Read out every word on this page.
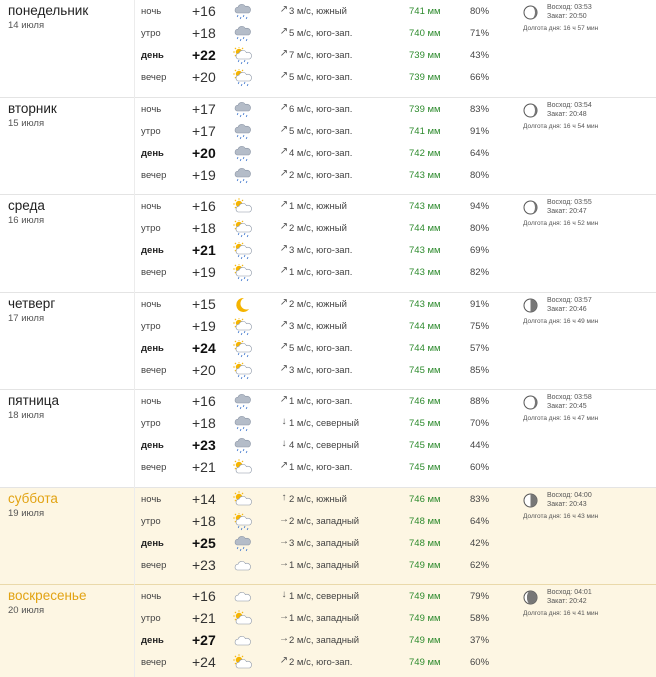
понедельник
14 июля
ночь +16	↗ 3 м/с, южный	741 мм	80%
утро +18	↗ 5 м/с, юго-зап.	740 мм	71%
день +22	↗ 7 м/с, юго-зап.	739 мм	43%
вечер +20	↗ 5 м/с, юго-зап.	739 мм	66%
Восход: 03:53
Закат: 20:50
Долгота дня: 16 ч 57 мин
вторник
15 июля
ночь +17	↗ 6 м/с, юго-зап.	739 мм	83%
утро +17	↗ 5 м/с, юго-зап.	741 мм	91%
день +20	↗ 4 м/с, юго-зап.	742 мм	64%
вечер +19	↗ 2 м/с, юго-зап.	743 мм	80%
Восход: 03:54
Закат: 20:48
Долгота дня: 16 ч 54 мин
среда
16 июля
ночь +16	↗ 1 м/с, южный	743 мм	94%
утро +18	↗ 2 м/с, южный	744 мм	80%
день +21	↗ 3 м/с, юго-зап.	743 мм	69%
вечер +19	↗ 1 м/с, юго-зап.	743 мм	82%
Восход: 03:55
Закат: 20:47
Долгота дня: 16 ч 52 мин
четверг
17 июля
ночь +15	↗ 2 м/с, южный	743 мм	91%
утро +19	↗ 3 м/с, южный	744 мм	75%
день +24	↗ 5 м/с, юго-зап.	744 мм	57%
вечер +20	↗ 3 м/с, юго-зап.	745 мм	85%
Восход: 03:57
Закат: 20:46
Долгота дня: 16 ч 49 мин
пятница
18 июля
ночь +16	↗ 1 м/с, юго-зап.	746 мм	88%
утро +18	↓ 1 м/с, северный	745 мм	70%
день +23	↓ 4 м/с, северный	745 мм	44%
вечер +21	↗ 1 м/с, юго-зап.	745 мм	60%
Восход: 03:58
Закат: 20:45
Долгота дня: 16 ч 47 мин
суббота
19 июля
ночь +14	↑ 2 м/с, южный	746 мм	83%
утро +18	→ 2 м/с, западный	748 мм	64%
день +25	→ 3 м/с, западный	748 мм	42%
вечер +23	→ 1 м/с, западный	749 мм	62%
Восход: 04:00
Закат: 20:43
Долгота дня: 16 ч 43 мин
воскресенье
20 июля
ночь +16	↓ 1 м/с, северный	749 мм	79%
утро +21	→ 1 м/с, западный	749 мм	58%
день +27	→ 2 м/с, западный	749 мм	37%
вечер +24	↗ 2 м/с, юго-зап.	749 мм	60%
Восход: 04:01
Закат: 20:42
Долгота дня: 16 ч 41 мин
